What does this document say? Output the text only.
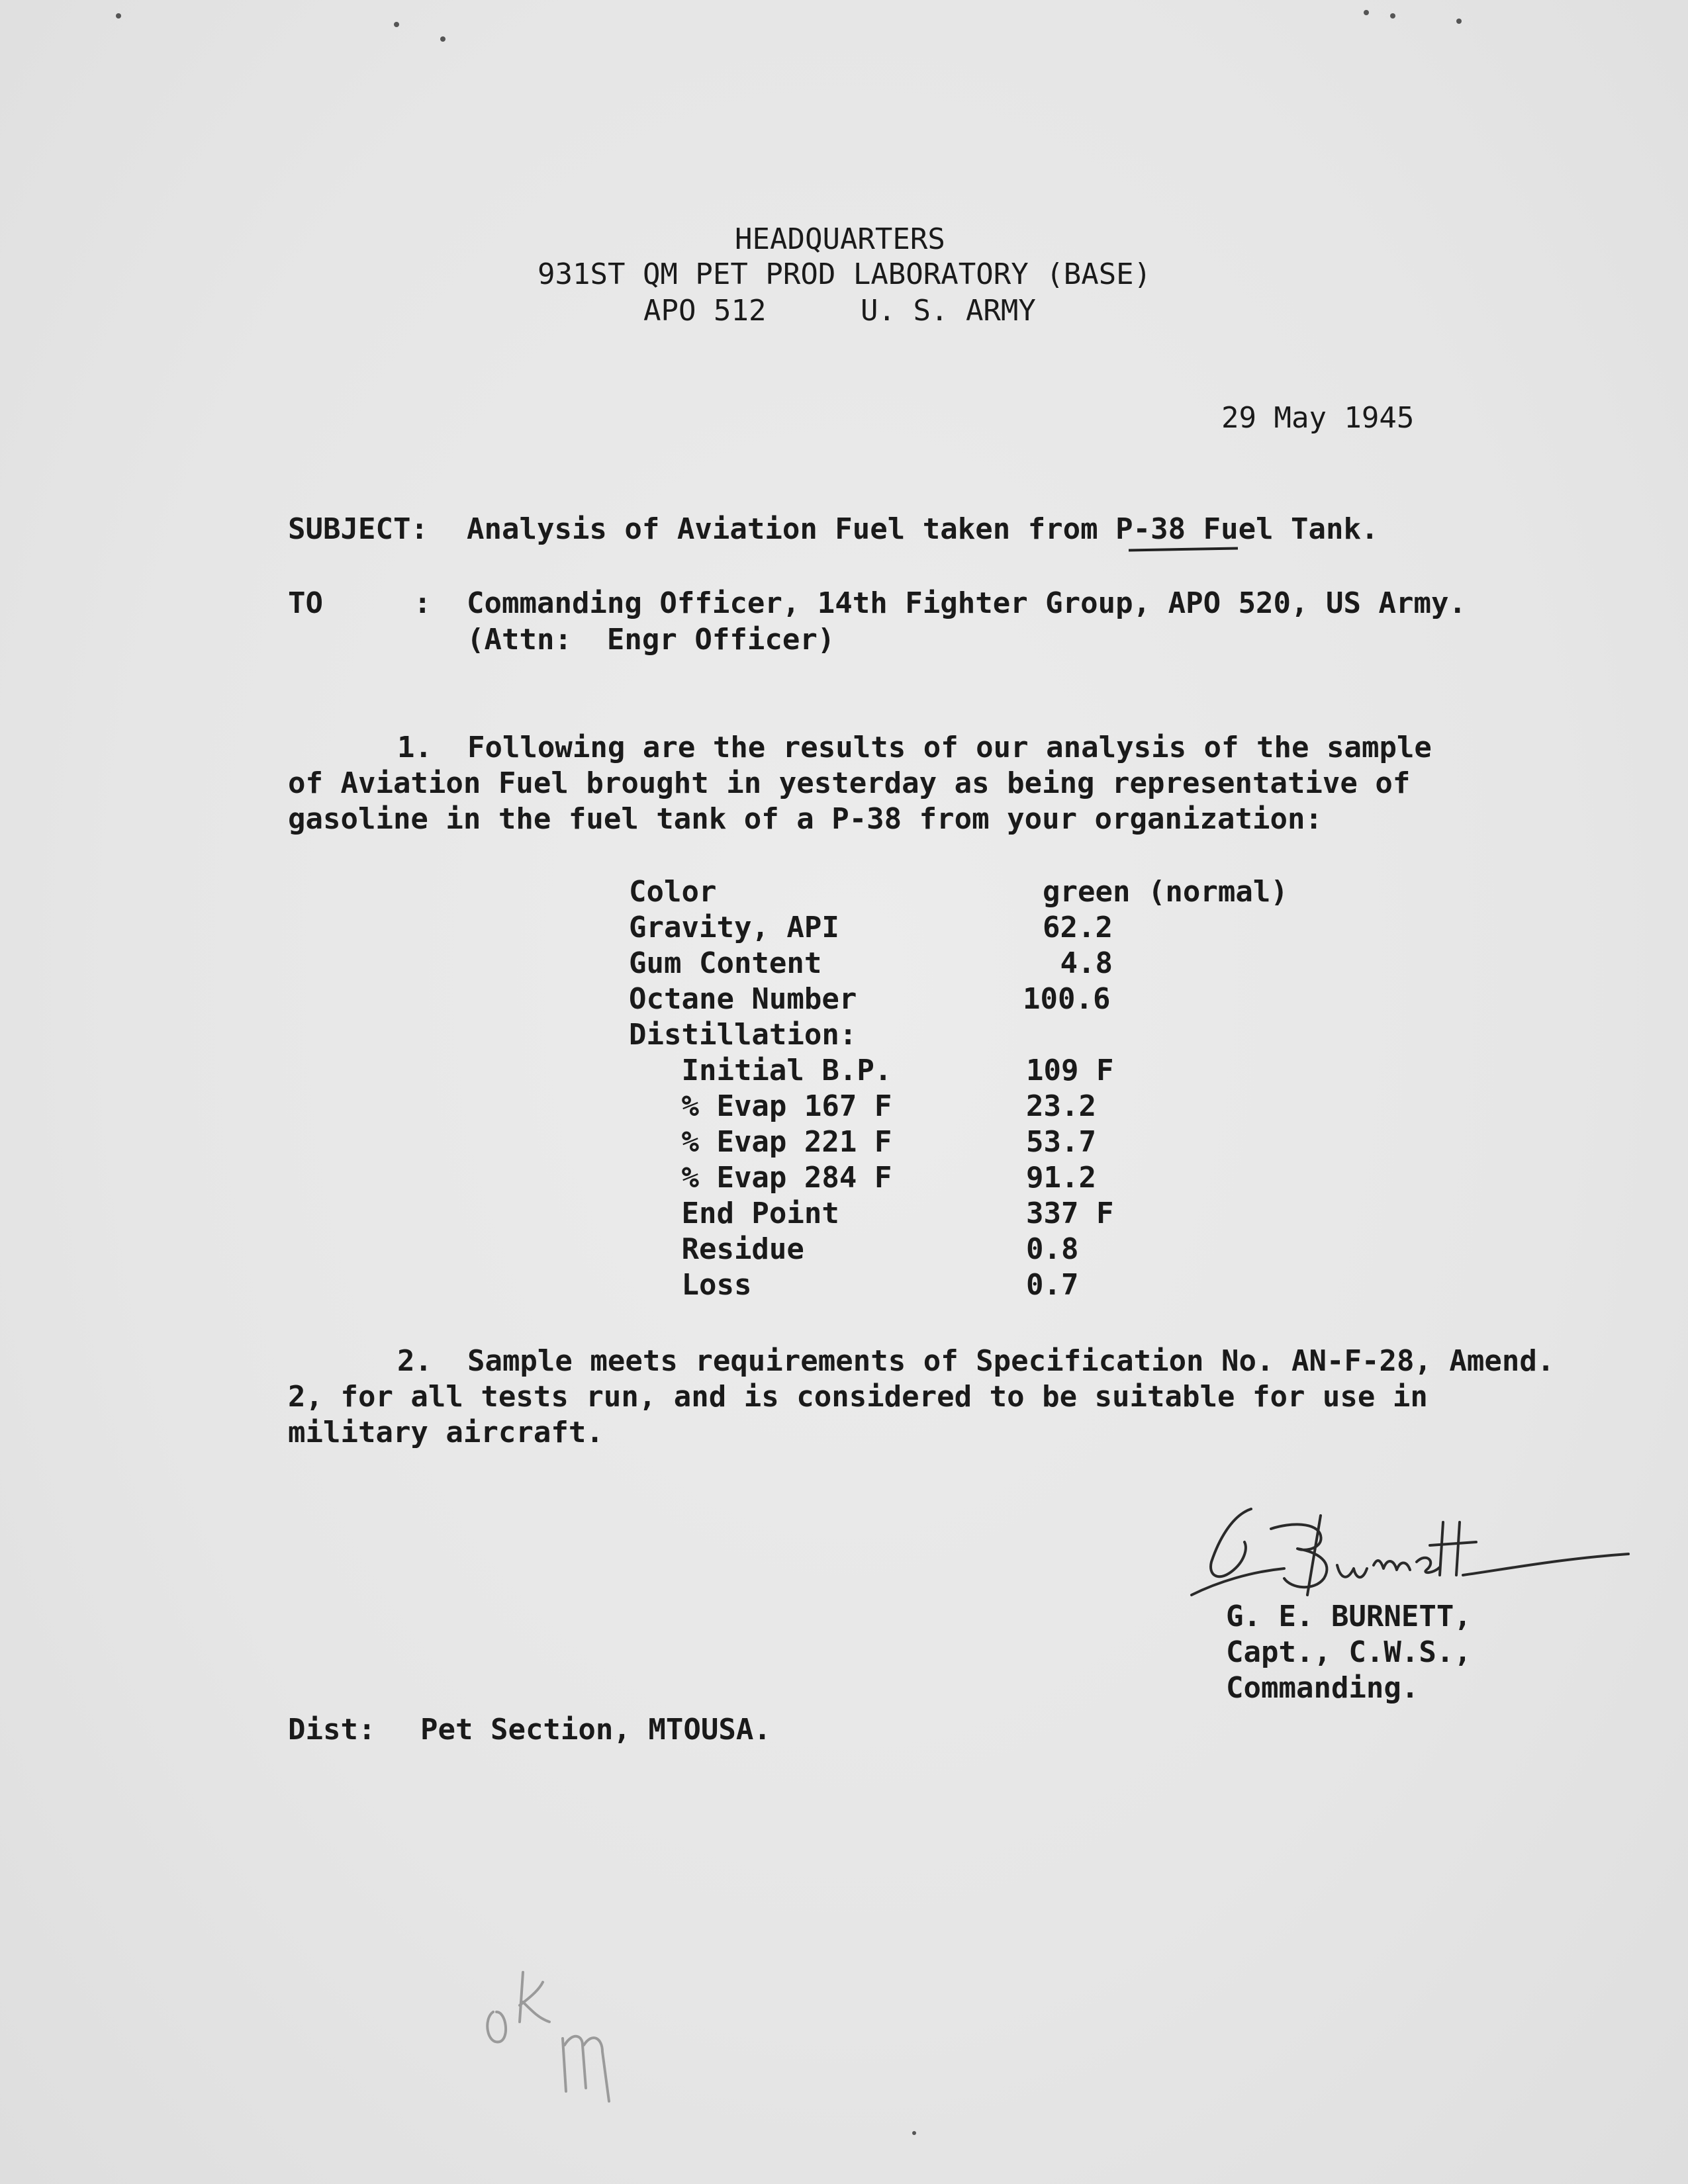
HEADQUARTERS
931ST QM PET PROD LABORATORY (BASE)
APO 512	U. S. ARMY
29 May 1945
SUBJECT: Analysis of Aviation Fuel taken from P-38 Fuel Tank.
TO	: Commanding Officer, 14th Fighter Group, APO 520, US Army.
(Attn:  Engr Officer)
1.  Following are the results of our analysis of the sample
of Aviation Fuel brought in yesterday as being representative of
gasoline in the fuel tank of a P-38 from your organization:
Color	green (normal)
Gravity, API	62.2
Gum Content	4.8
Octane Number	100.6
Distillation:
Initial B.P.	109 F
% Evap 167 F	23.2
% Evap 221 F	53.7
% Evap 284 F	91.2
End Point	337 F
Residue	0.8
Loss	0.7
2.  Sample meets requirements of Specification No. AN-F-28, Amend.
2, for all tests run, and is considered to be suitable for use in
military aircraft.
G. E. BURNETT,
Capt., C.W.S.,
Commanding.
Dist: Pet Section, MTOUSA.
